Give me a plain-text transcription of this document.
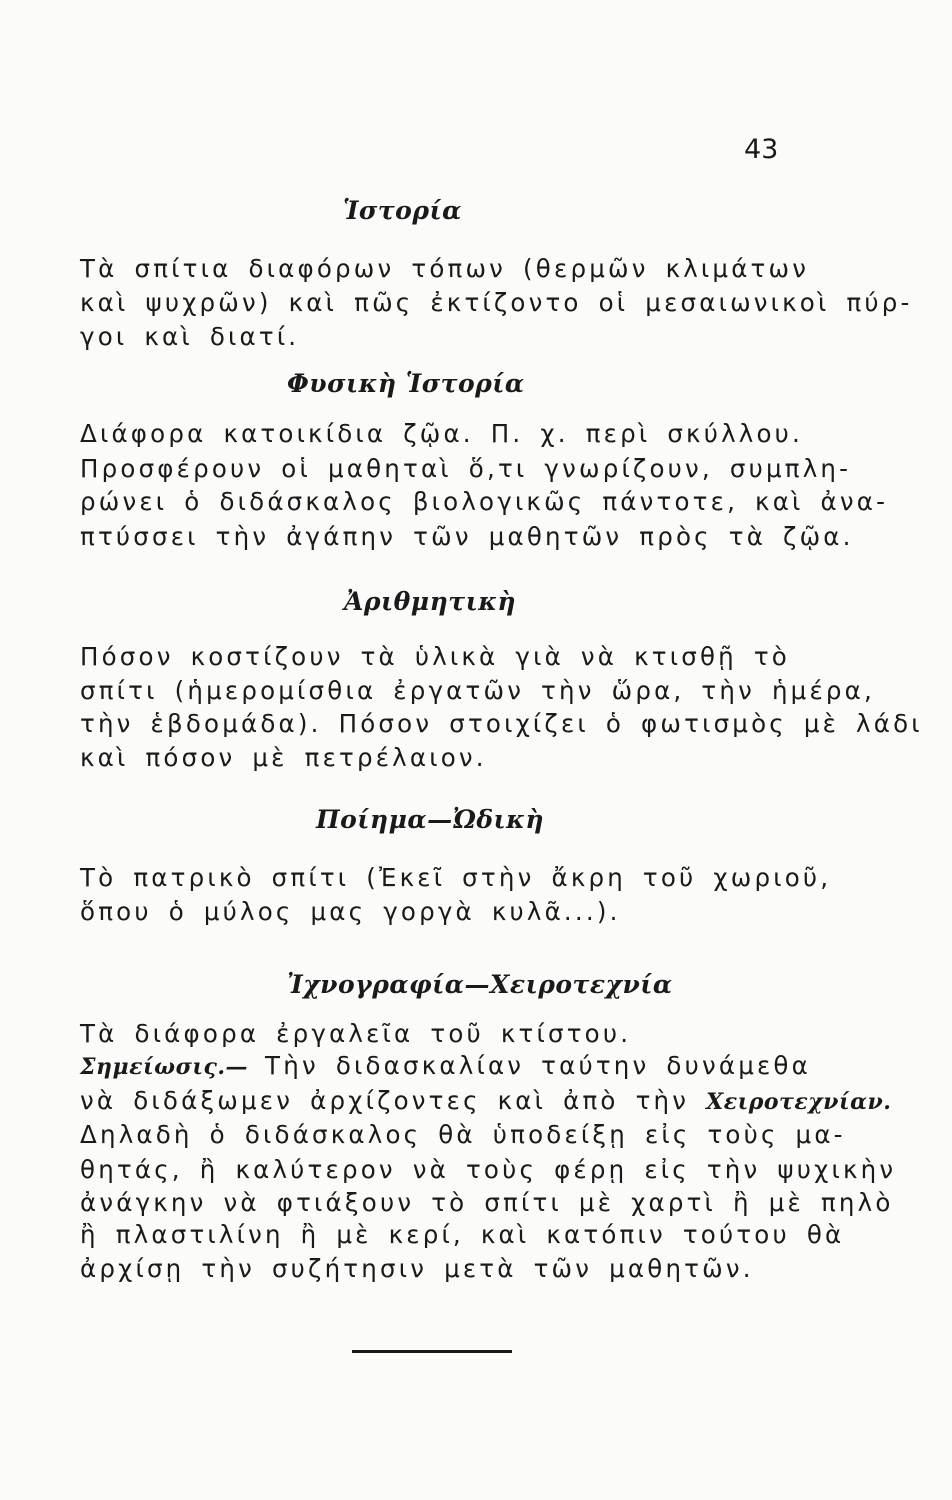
43
Ἱστορία
Τὰ σπίτια διαφόρων τόπων (θερμῶν κλιμάτων
καὶ ψυχρῶν) καὶ πῶς ἐκτίζοντο οἱ μεσαιωνικοὶ πύρ-
γοι καὶ διατί.
Φυσικὴ Ἱστορία
Διάφορα κατοικίδια ζῷα. Π. χ. περὶ σκύλλου.
Προσφέρουν οἱ μαθηταὶ ὅ,τι γνωρίζουν, συμπλη-
ρώνει ὁ διδάσκαλος βιολογικῶς πάντοτε, καὶ ἀνα-
πτύσσει τὴν ἀγάπην τῶν μαθητῶν πρὸς τὰ ζῷα.
Ἀριθμητικὴ
Πόσον κοστίζουν τὰ ὑλικὰ γιὰ νὰ κτισθῇ τὸ
σπίτι (ἡμερομίσθια ἐργατῶν τὴν ὥρα, τὴν ἡμέρα,
τὴν ἑβδομάδα). Πόσον στοιχίζει ὁ φωτισμὸς μὲ λάδι
καὶ πόσον μὲ πετρέλαιον.
Ποίημα—Ὠδικὴ
Τὸ πατρικὸ σπίτι (Ἐκεῖ στὴν ἄκρη τοῦ χωριοῦ,
ὅπου ὁ μύλος μας γοργὰ κυλᾶ...).
Ἰχνογραφία—Χειροτεχνία
Τὰ διάφορα ἐργαλεῖα τοῦ κτίστου.
Σημείωσις.— Τὴν διδασκαλίαν ταύτην δυνάμεθα
νὰ διδάξωμεν ἀρχίζοντες καὶ ἀπὸ τὴν Χειροτεχνίαν.
Δηλαδὴ ὁ διδάσκαλος θὰ ὑποδείξῃ εἰς τοὺς μα-
θητάς, ἢ καλύτερον νὰ τοὺς φέρῃ εἰς τὴν ψυχικὴν
ἀνάγκην νὰ φτιάξουν τὸ σπίτι μὲ χαρτὶ ἢ μὲ πηλὸ
ἢ πλαστιλίνη ἢ μὲ κερί, καὶ κατόπιν τούτου θὰ
ἀρχίσῃ τὴν συζήτησιν μετὰ τῶν μαθητῶν.
